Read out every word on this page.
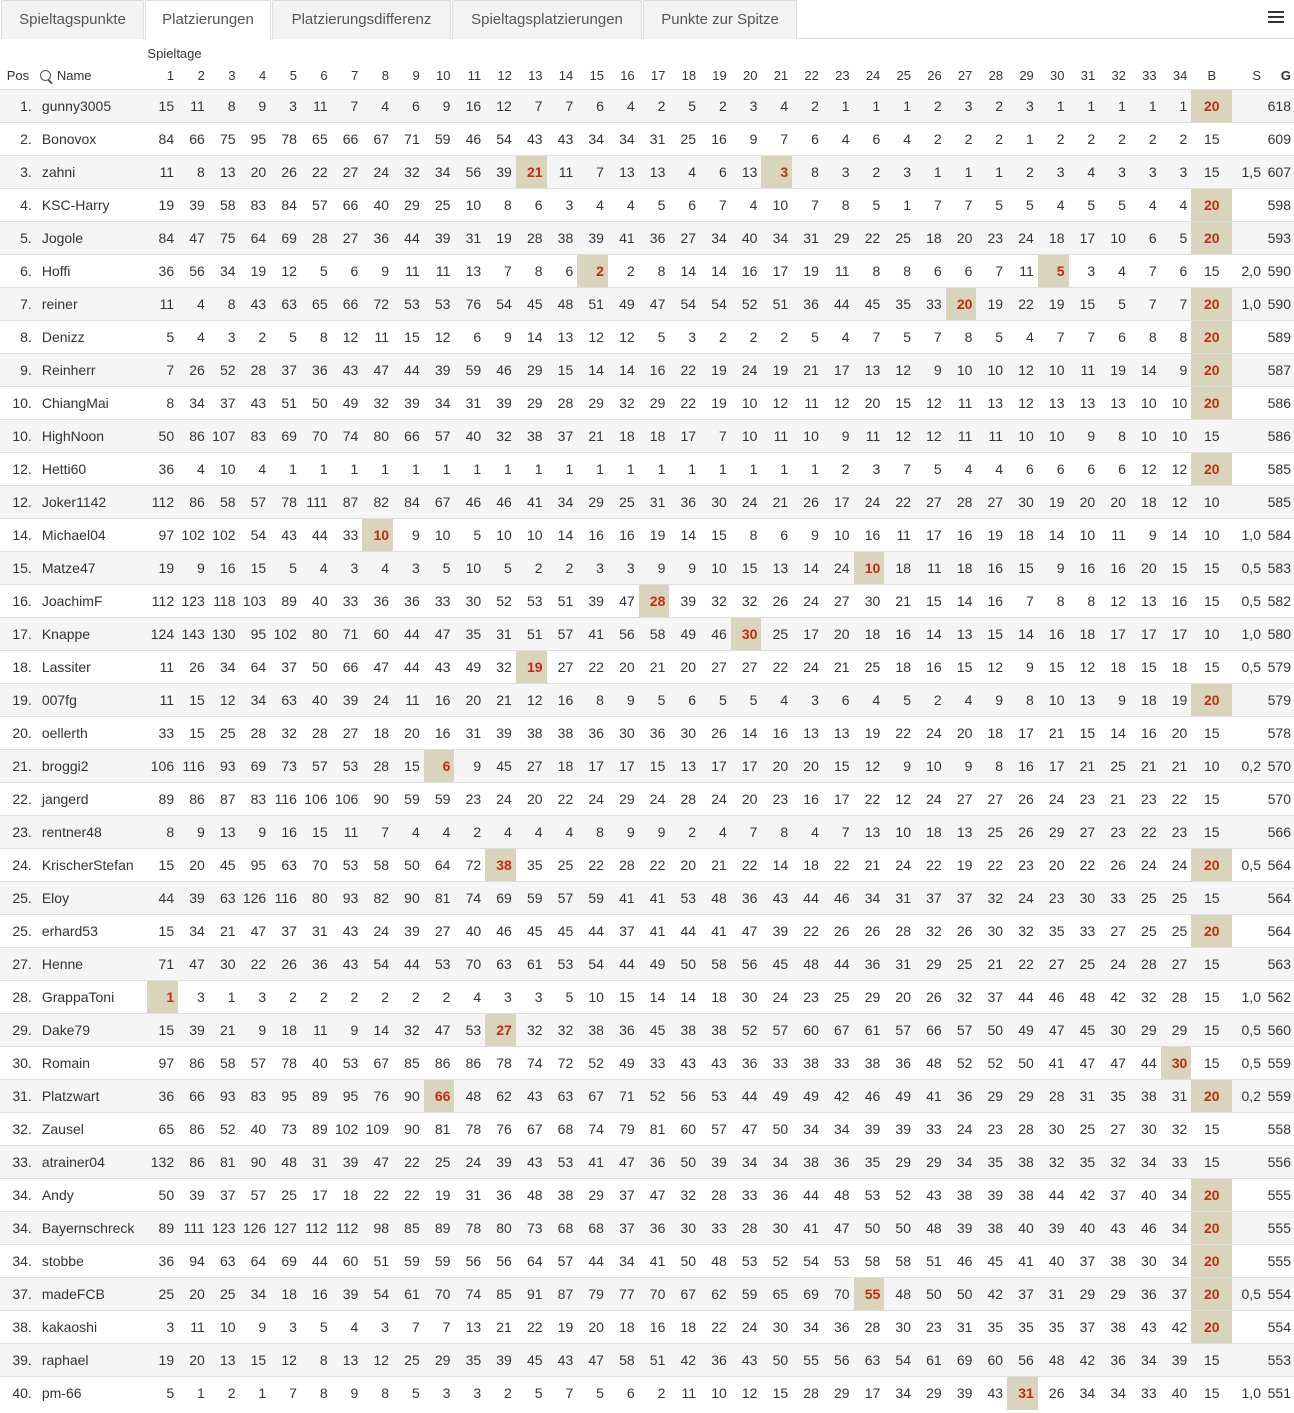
Spieltagspunkte	Platzierungen	Platzierungsdifferenz	Spieltagsplatzierungen	Punkte zur Spitze
		Spieltage																																				
Pos	Name	1	2	3	4	5	6	7	8	9	10	11	12	13	14	15	16	17	18	19	20	21	22	23	24	25	26	27	28	29	30	31	32	33	34	B	S	G
1.	gunny3005	15	11	8	9	3	11	7	4	6	9	16	12	7	7	6	4	2	5	2	3	4	2	1	1	1	2	3	2	3	1	1	1	1	1	20		618
2.	Bonovox	84	66	75	95	78	65	66	67	71	59	46	54	43	43	34	34	31	25	16	9	7	6	4	6	4	2	2	2	1	2	2	2	2	2	15		609
3.	zahni	11	8	13	20	26	22	27	24	32	34	56	39	21	11	7	13	13	4	6	13	3	8	3	2	3	1	1	1	2	3	4	3	3	3	15	1,5	607
4.	KSC-Harry	19	39	58	83	84	57	66	40	29	25	10	8	6	3	4	4	5	6	7	4	10	7	8	5	1	7	7	5	5	4	5	5	4	4	20		598
5.	Jogole	84	47	75	64	69	28	27	36	44	39	31	19	28	38	39	41	36	27	34	40	34	31	29	22	25	18	20	23	24	18	17	10	6	5	20		593
6.	Hoffi	36	56	34	19	12	5	6	9	11	11	13	7	8	6	2	2	8	14	14	16	17	19	11	8	8	6	6	7	11	5	3	4	7	6	15	2,0	590
7.	reiner	11	4	8	43	63	65	66	72	53	53	76	54	45	48	51	49	47	54	54	52	51	36	44	45	35	33	20	19	22	19	15	5	7	7	20	1,0	590
8.	Denizz	5	4	3	2	5	8	12	11	15	12	6	9	14	13	12	12	5	3	2	2	2	5	4	7	5	7	8	5	4	7	7	6	8	8	20		589
9.	Reinherr	7	26	52	28	37	36	43	47	44	39	59	46	29	15	14	14	16	22	19	24	19	21	17	13	12	9	10	10	12	10	11	19	14	9	20		587
10.	ChiangMai	8	34	37	43	51	50	49	32	39	34	31	39	29	28	29	32	29	22	19	10	12	11	12	20	15	12	11	13	12	13	13	13	10	10	20		586
10.	HighNoon	50	86	107	83	69	70	74	80	66	57	40	32	38	37	21	18	18	17	7	10	11	10	9	11	12	12	11	11	10	10	9	8	10	10	15		586
12.	Hetti60	36	4	10	4	1	1	1	1	1	1	1	1	1	1	1	1	1	1	1	1	1	1	2	3	7	5	4	4	6	6	6	6	12	12	20		585
12.	Joker1142	112	86	58	57	78	111	87	82	84	67	46	46	41	34	29	25	31	36	30	24	21	26	17	24	22	27	28	27	30	19	20	20	18	12	10		585
14.	Michael04	97	102	102	54	43	44	33	10	9	10	5	10	10	14	16	16	19	14	15	8	6	9	10	16	11	17	16	19	18	14	10	11	9	14	10	1,0	584
15.	Matze47	19	9	16	15	5	4	3	4	3	5	10	5	2	2	3	3	9	9	10	15	13	14	24	10	18	11	18	16	15	9	16	16	20	15	15	0,5	583
16.	JoachimF	112	123	118	103	89	40	33	36	36	33	30	52	53	51	39	47	28	39	32	32	26	24	27	30	21	15	14	16	7	8	8	12	13	16	15	0,5	582
17.	Knappe	124	143	130	95	102	80	71	60	44	47	35	31	51	57	41	56	58	49	46	30	25	17	20	18	16	14	13	15	14	16	18	17	17	17	10	1,0	580
18.	Lassiter	11	26	34	64	37	50	66	47	44	43	49	32	19	27	22	20	21	20	27	27	22	24	21	25	18	16	15	12	9	15	12	18	15	18	15	0,5	579
19.	007fg	11	15	12	34	63	40	39	24	11	16	20	21	12	16	8	9	5	6	5	5	4	3	6	4	5	2	4	9	8	10	13	9	18	19	20		579
20.	oellerth	33	15	25	28	32	28	27	18	20	16	31	39	38	38	36	30	36	30	26	14	16	13	13	19	22	24	20	18	17	21	15	14	16	20	15		578
21.	broggi2	106	116	93	69	73	57	53	28	15	6	9	45	27	18	17	17	15	13	17	17	20	20	15	12	9	10	9	8	16	17	21	25	21	21	10	0,2	570
22.	jangerd	89	86	87	83	116	106	106	90	59	59	23	24	20	22	24	29	24	28	24	20	23	16	17	22	12	24	27	27	26	24	23	21	23	22	15		570
23.	rentner48	8	9	13	9	16	15	11	7	4	4	2	4	4	4	8	9	9	2	4	7	8	4	7	13	10	18	13	25	26	29	27	23	22	23	15		566
24.	KrischerStefan	15	20	45	95	63	70	53	58	50	64	72	38	35	25	22	28	22	20	21	22	14	18	22	21	24	22	19	22	23	20	22	26	24	24	20	0,5	564
25.	Eloy	44	39	63	126	116	80	93	82	90	81	74	69	59	57	59	41	41	53	48	36	43	44	46	34	31	37	37	32	24	23	30	33	25	25	15		564
25.	erhard53	15	34	21	47	37	31	43	24	39	27	40	46	45	45	44	37	41	44	41	47	39	22	26	26	28	32	26	30	32	35	33	27	25	25	20		564
27.	Henne	71	47	30	22	26	36	43	54	44	53	70	63	61	53	54	44	49	50	58	56	45	48	44	36	31	29	25	21	22	27	25	24	28	27	15		563
28.	GrappaToni	1	3	1	3	2	2	2	2	2	2	4	3	3	5	10	15	14	14	18	30	24	23	25	29	20	26	32	37	44	46	48	42	32	28	15	1,0	562
29.	Dake79	15	39	21	9	18	11	9	14	32	47	53	27	32	32	38	36	45	38	38	52	57	60	67	61	57	66	57	50	49	47	45	30	29	29	15	0,5	560
30.	Romain	97	86	58	57	78	40	53	67	85	86	86	78	74	72	52	49	33	43	43	36	33	38	33	38	36	48	52	52	50	41	47	47	44	30	15	0,5	559
31.	Platzwart	36	66	93	83	95	89	95	76	90	66	48	62	43	63	67	71	52	56	53	44	49	49	42	46	49	41	36	29	29	28	31	35	38	31	20	0,2	559
32.	Zausel	65	86	52	40	73	89	102	109	90	81	78	76	67	68	74	79	81	60	57	47	50	34	34	39	39	33	24	23	28	30	25	27	30	32	15		558
33.	atrainer04	132	86	81	90	48	31	39	47	22	25	24	39	43	53	41	47	36	50	39	34	34	38	36	35	29	29	34	35	38	32	35	32	34	33	15		556
34.	Andy	50	39	37	57	25	17	18	22	22	19	31	36	48	38	29	37	47	32	28	33	36	44	48	53	52	43	38	39	38	44	42	37	40	34	20		555
34.	Bayernschreck	89	111	123	126	127	112	112	98	85	89	78	80	73	68	68	37	36	30	33	28	30	41	47	50	50	48	39	38	40	39	40	43	46	34	20		555
34.	stobbe	36	94	63	64	69	44	60	51	59	59	56	56	64	57	44	34	41	50	48	53	52	54	53	58	58	51	46	45	41	40	37	38	30	34	20		555
37.	madeFCB	25	20	25	34	18	16	39	54	61	70	74	85	91	87	79	77	70	67	62	59	65	69	70	55	48	50	50	42	37	31	29	29	36	37	20	0,5	554
38.	kakaoshi	3	11	10	9	3	5	4	3	7	7	13	21	22	19	20	18	16	18	22	24	30	34	36	28	30	23	31	35	35	35	37	38	43	42	20		554
39.	raphael	19	20	13	15	12	8	13	12	25	29	35	39	45	43	47	58	51	42	36	43	50	55	56	63	54	61	69	60	56	48	42	36	34	39	15		553
40.	pm-66	5	1	2	1	7	8	9	8	5	3	3	2	5	7	5	6	2	11	10	12	15	28	29	17	34	29	39	43	31	26	34	34	33	40	15	1,0	551
